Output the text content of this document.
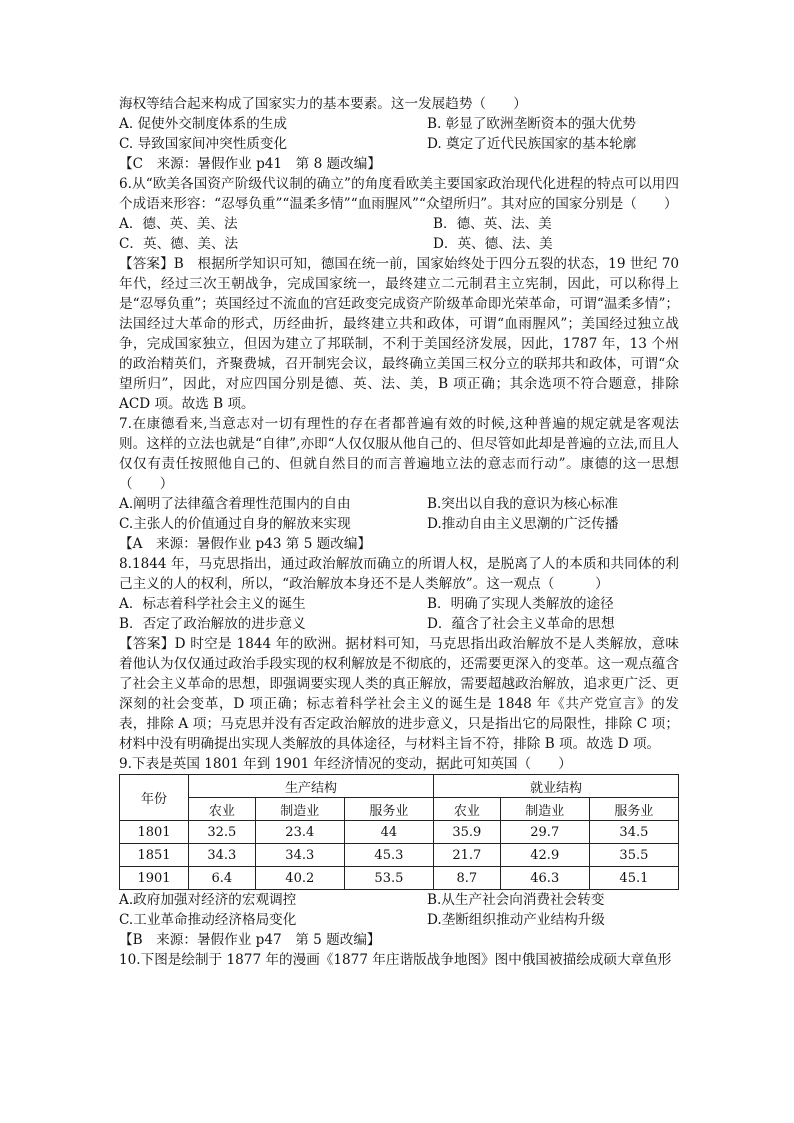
海权等结合起来构成了国家实力的基本要素。这一发展趋势（　　）
A. 促使外交制度体系的生成	B. 彰显了欧洲垄断资本的强大优势
C. 导致国家间冲突性质变化	D. 奠定了近代民族国家的基本轮廓
【C　来源：暑假作业 p41　第 8 题改编】
6.从“欧美各国资产阶级代议制的确立”的角度看欧美主要国家政治现代化进程的特点可以用四个成语来形容：“忍辱负重”“温柔多情”“血雨腥风”“众望所归”。其对应的国家分别是（　　）
A．德、英、美、法	B．德、英、法、美
C．英、德、美、法	D．英、德、法、美
【答案】B　根据所学知识可知，德国在统一前，国家始终处于四分五裂的状态，19 世纪 70 年代，经过三次王朝战争，完成国家统一，最终建立二元制君主立宪制，因此，可以称得上是“忍辱负重”；英国经过不流血的宫廷政变完成资产阶级革命即光荣革命，可谓“温柔多情”；法国经过大革命的形式，历经曲折，最终建立共和政体，可谓“血雨腥风”；美国经过独立战争，完成国家独立，但因为建立了邦联制，不利于美国经济发展，因此，1787 年，13 个州的政治精英们，齐聚费城，召开制宪会议，最终确立美国三权分立的联邦共和政体，可谓“众望所归”，因此，对应四国分别是德、英、法、美，B 项正确；其余选项不符合题意，排除 ACD 项。故选 B 项。
7.在康德看来,当意志对一切有理性的存在者都普遍有效的时候,这种普遍的规定就是客观法则。这样的立法也就是“自律”,亦即“人仅仅服从他自己的、但尽管如此却是普遍的立法,而且人仅仅有责任按照他自己的、但就自然目的而言普遍地立法的意志而行动”。康德的这一思想（　　）
A.阐明了法律蕴含着理性范围内的自由	B.突出以自我的意识为核心标准
C.主张人的价值通过自身的解放来实现	D.推动自由主义思潮的广泛传播
【A　来源：暑假作业 p43 第 5 题改编】
8.1844 年，马克思指出，通过政治解放而确立的所谓人权，是脱离了人的本质和共同体的利己主义的人的权利，所以，“政治解放本身还不是人类解放”。这一观点（　　　）
A．标志着科学社会主义的诞生	B．明确了实现人类解放的途径
B．否定了政治解放的进步意义	D．蕴含了社会主义革命的思想
【答案】D 时空是 1844 年的欧洲。据材料可知，马克思指出政治解放不是人类解放，意味着他认为仅仅通过政治手段实现的权利解放是不彻底的，还需要更深入的变革。这一观点蕴含了社会主义革命的思想，即强调要实现人类的真正解放，需要超越政治解放，追求更广泛、更深刻的社会变革，D 项正确；标志着科学社会主义的诞生是 1848 年《共产党宣言》的发表，排除 A 项；马克思并没有否定政治解放的进步意义，只是指出它的局限性，排除 C 项；材料中没有明确提出实现人类解放的具体途径，与材料主旨不符，排除 B 项。故选 D 项。
9.下表是英国 1801 年到 1901 年经济情况的变动，据此可知英国（　　）
年份	生产结构			就业结构		
	农业	制造业	服务业	农业	制造业	服务业
1801	32.5	23.4	44	35.9	29.7	34.5
1851	34.3	34.3	45.3	21.7	42.9	35.5
1901	6.4	40.2	53.5	8.7	46.3	45.1
A.政府加强对经济的宏观调控	B.从生产社会向消费社会转变
C.工业革命推动经济格局变化	D.垄断组织推动产业结构升级
【B　来源：暑假作业 p47　第 5 题改编】
10.下图是绘制于 1877 年的漫画《1877 年庄谐版战争地图》图中俄国被描绘成硕大章鱼形
